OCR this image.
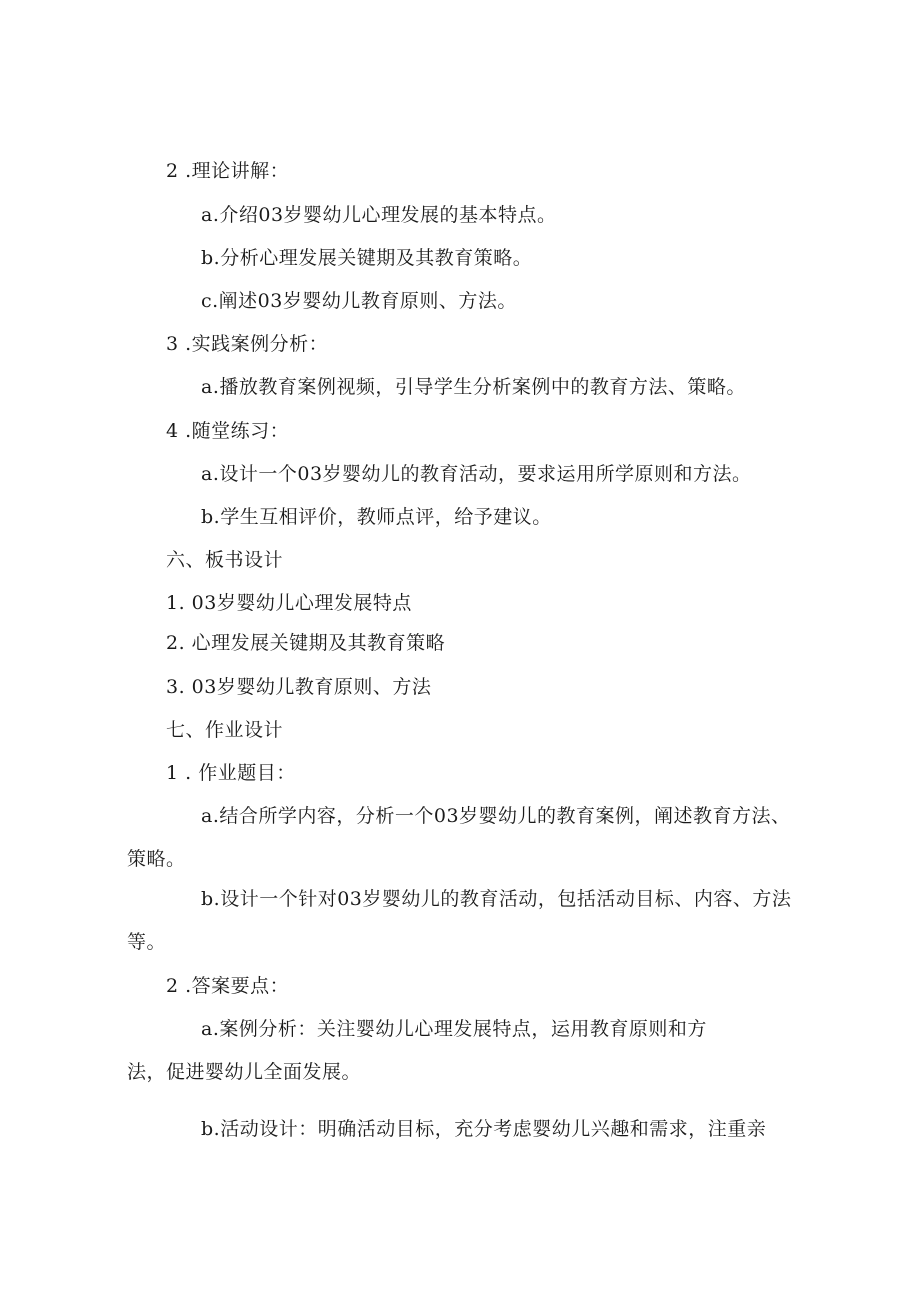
2 .理论讲解：
a.介绍03岁婴幼儿心理发展的基本特点。
b.分析心理发展关键期及其教育策略。
c.阐述03岁婴幼儿教育原则、方法。
3 .实践案例分析：
a.播放教育案例视频，引导学生分析案例中的教育方法、策略。
4 .随堂练习：
a.设计一个03岁婴幼儿的教育活动，要求运用所学原则和方法。
b.学生互相评价，教师点评，给予建议。
六、板书设计
1. 03岁婴幼儿心理发展特点
2. 心理发展关键期及其教育策略
3. 03岁婴幼儿教育原则、方法
七、作业设计
1 . 作业题目：
a.结合所学内容，分析一个03岁婴幼儿的教育案例，阐述教育方法、
策略。
b.设计一个针对03岁婴幼儿的教育活动，包括活动目标、内容、方法
等。
2 .答案要点：
a.案例分析：关注婴幼儿心理发展特点，运用教育原则和方
法，促进婴幼儿全面发展。
b.活动设计：明确活动目标，充分考虑婴幼儿兴趣和需求，注重亲
